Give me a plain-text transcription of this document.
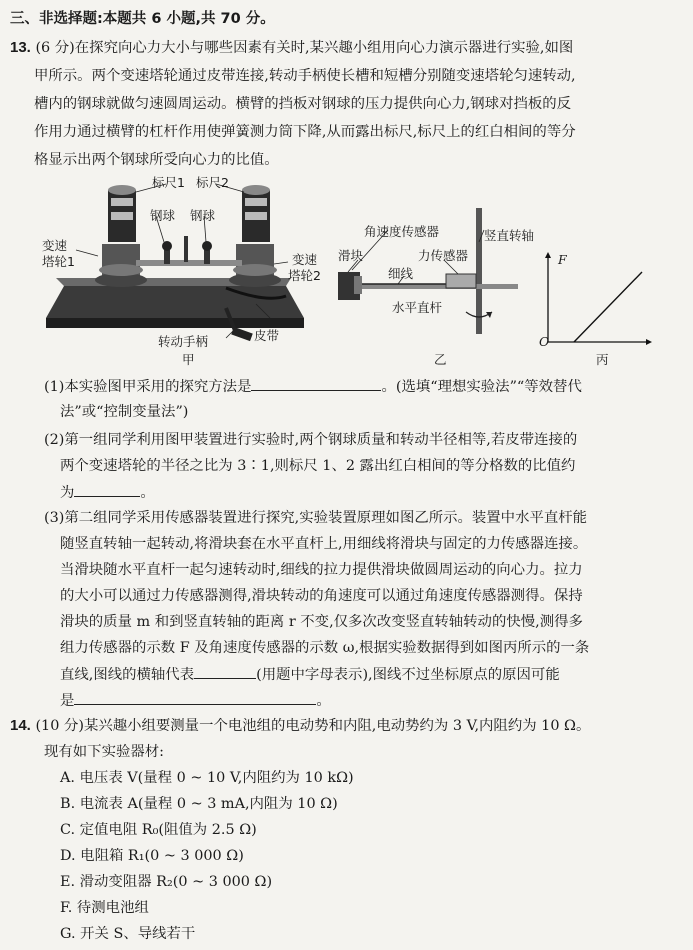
三、非选择题:本题共 6 小题,共 70 分。
13. (6 分)在探究向心力大小与哪些因素有关时,某兴趣小组用向心力演示器进行实验,如图
甲所示。两个变速塔轮通过皮带连接,转动手柄使长槽和短槽分别随变速塔轮匀速转动,
槽内的钢球就做匀速圆周运动。横臂的挡板对钢球的压力提供向心力,钢球对挡板的反
作用力通过横臂的杠杆作用使弹簧测力筒下降,从而露出标尺,标尺上的红白相间的等分
格显示出两个钢球所受向心力的比值。
标尺1 标尺2
钢球 钢球
变速
塔轮1	变速
塔轮2
皮带
转动手柄
甲
角速度传感器	竖直转轴
滑块	力传感器
细线
水平直杆
乙
F
O
丙
(1)本实验图甲采用的探究方法是	。(选填“理想实验法”“等效替代
法”或“控制变量法”)
(2)第一组同学利用图甲装置进行实验时,两个钢球质量和转动半径相等,若皮带连接的
两个变速塔轮的半径之比为 3∶1,则标尺 1、2 露出红白相间的等分格数的比值约
为	。
(3)第二组同学采用传感器装置进行探究,实验装置原理如图乙所示。装置中水平直杆能
随竖直转轴一起转动,将滑块套在水平直杆上,用细线将滑块与固定的力传感器连接。
当滑块随水平直杆一起匀速转动时,细线的拉力提供滑块做圆周运动的向心力。拉力
的大小可以通过力传感器测得,滑块转动的角速度可以通过角速度传感器测得。保持
滑块的质量 m 和到竖直转轴的距离 r 不变,仅多次改变竖直转轴转动的快慢,测得多
组力传感器的示数 F 及角速度传感器的示数 ω,根据实验数据得到如图丙所示的一条
直线,图线的横轴代表	(用题中字母表示),图线不过坐标原点的原因可能
是	。
14. (10 分)某兴趣小组要测量一个电池组的电动势和内阻,电动势约为 3 V,内阻约为 10 Ω。
现有如下实验器材:
A. 电压表 V(量程 0 ~ 10 V,内阻约为 10 kΩ)
B. 电流表 A(量程 0 ~ 3 mA,内阻为 10 Ω)
C. 定值电阻 R₀(阻值为 2.5 Ω)
D. 电阻箱 R₁(0 ~ 3 000 Ω)
E. 滑动变阻器 R₂(0 ~ 3 000 Ω)
F. 待测电池组
G. 开关 S、导线若干
